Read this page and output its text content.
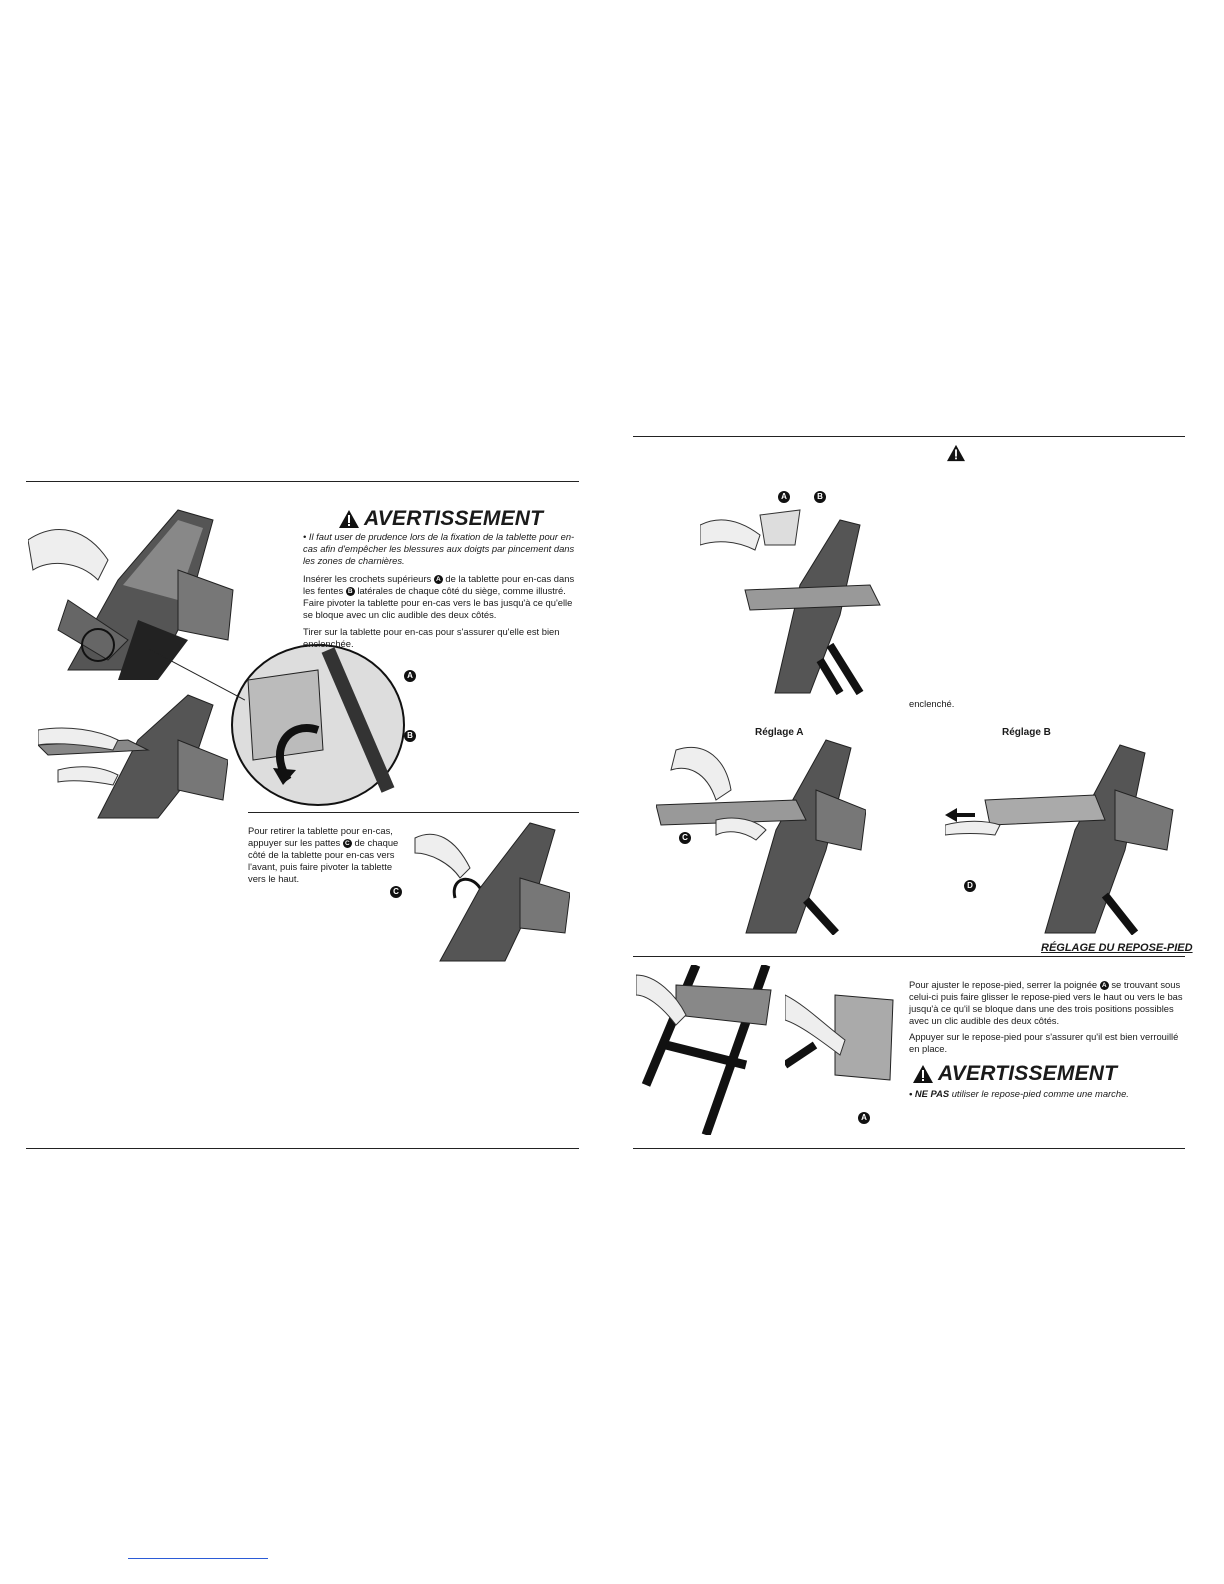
A
B
AVERTISSEMENT
• Il faut user de prudence lors de la fixation de la tablette pour en-cas afin d'empêcher les blessures aux doigts par pincement dans les zones de charnières.
Insérer les crochets supérieurs A de la tablette pour en-cas dans les fentes B latérales de chaque côté du siège, comme illustré. Faire pivoter la tablette pour en-cas vers le bas jusqu'à ce qu'elle se bloque avec un clic audible des deux côtés.
Tirer sur la tablette pour en-cas pour s'assurer qu'elle est bien enclenchée.
Pour retirer la tablette pour en-cas, appuyer sur les pattes C de chaque côté de la tablette pour en-cas vers l'avant, puis faire pivoter la tablette vers le haut.
C
A	B
enclenché.
Réglage A	Réglage B
C
D
RÉGLAGE DU REPOSE-PIED
A
Pour ajuster le repose-pied, serrer la poignée A se trouvant sous celui-ci puis faire glisser le repose-pied vers le haut ou vers le bas jusqu'à ce qu'il se bloque dans une des trois positions possibles avec un clic audible des deux côtés.
Appuyer sur le repose-pied pour s'assurer qu'il est bien verrouillé en place.
AVERTISSEMENT
• NE PAS utiliser le repose-pied comme une marche.
